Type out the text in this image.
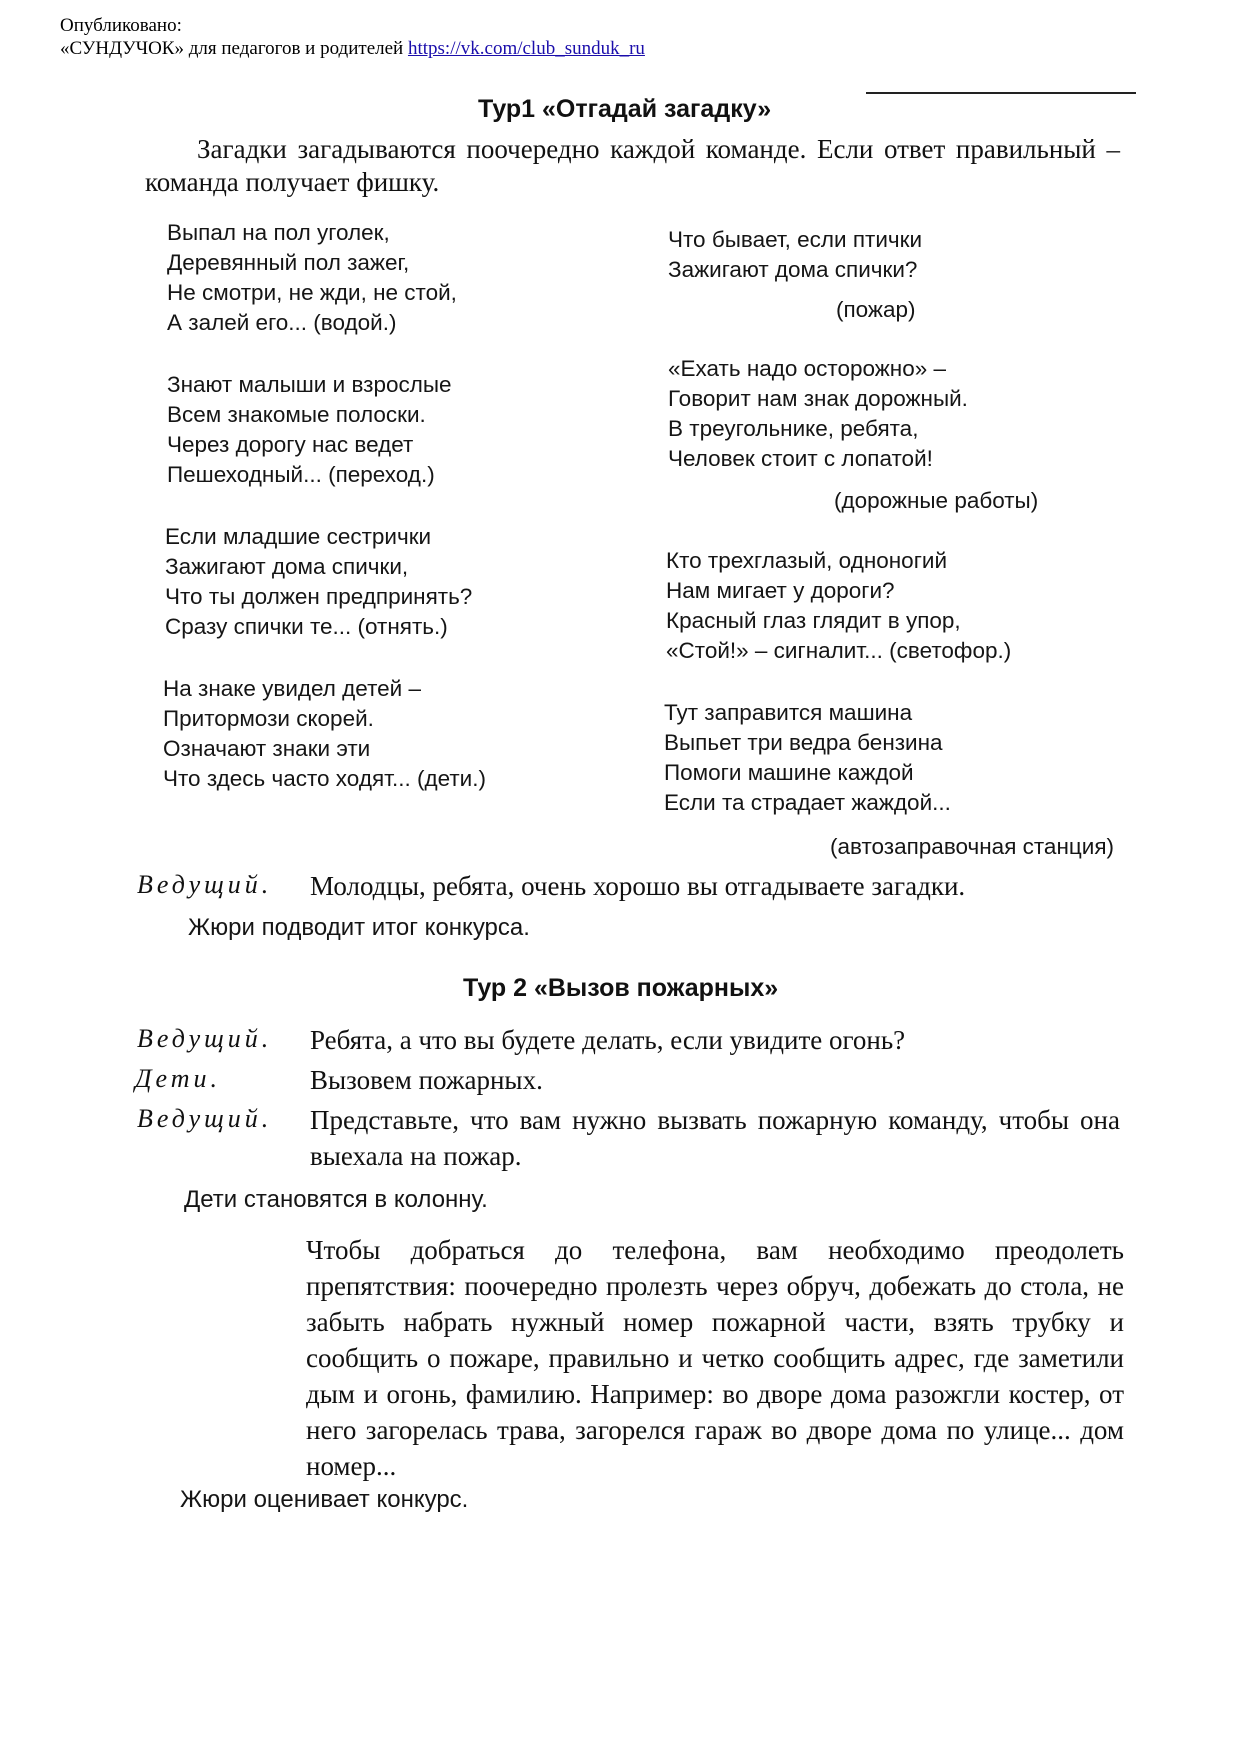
Опубликовано:
«СУНДУЧОК» для педагогов и родителей https://vk.com/club_sunduk_ru
Тур1 «Отгадай загадку»
Загадки загадываются поочередно каждой команде. Если ответ правильный – команда получает фишку.
Выпал на пол уголек,
Деревянный пол зажег,
Не смотри, не жди, не стой,
А залей его... (водой.)
Знают малыши и взрослые
Всем знакомые полоски.
Через дорогу нас ведет
Пешеходный... (переход.)
Если младшие сестрички
Зажигают дома спички,
Что ты должен предпринять?
Сразу спички те... (отнять.)
На знаке увидел детей –
Притормози скорей.
Означают знаки эти
Что здесь часто ходят... (дети.)
Что бывает, если птички
Зажигают дома спички?
(пожар)
«Ехать надо осторожно» –
Говорит нам знак дорожный.
В треугольнике, ребята,
Человек стоит с лопатой!
(дорожные работы)
Кто трехглазый, одноногий
Нам мигает у дороги?
Красный глаз глядит в упор,
«Стой!» – сигналит... (светофор.)
Тут заправится машина
Выпьет три ведра бензина
Помоги машине каждой
Если та страдает жаждой...
(автозаправочная станция)
Ведущий. Молодцы, ребята, очень хорошо вы отгадываете загадки.
Жюри подводит итог конкурса.
Тур 2 «Вызов пожарных»
Ведущий. Ребята, а что вы будете делать, если увидите огонь?
Дети.	Вызовем пожарных.
Ведущий. Представьте, что вам нужно вызвать пожарную команду, чтобы она выехала на пожар.
Дети становятся в колонну.
Чтобы добраться до телефона, вам необходимо преодолеть препятствия: поочередно пролезть через обруч, добежать до стола, не забыть набрать нужный номер пожарной части, взять трубку и сообщить о пожаре, правильно и четко сообщить адрес, где заметили дым и огонь, фамилию. Например: во дворе дома разожгли костер, от него загорелась трава, загорелся гараж во дворе дома по улице... дом номер...
Жюри оценивает конкурс.
